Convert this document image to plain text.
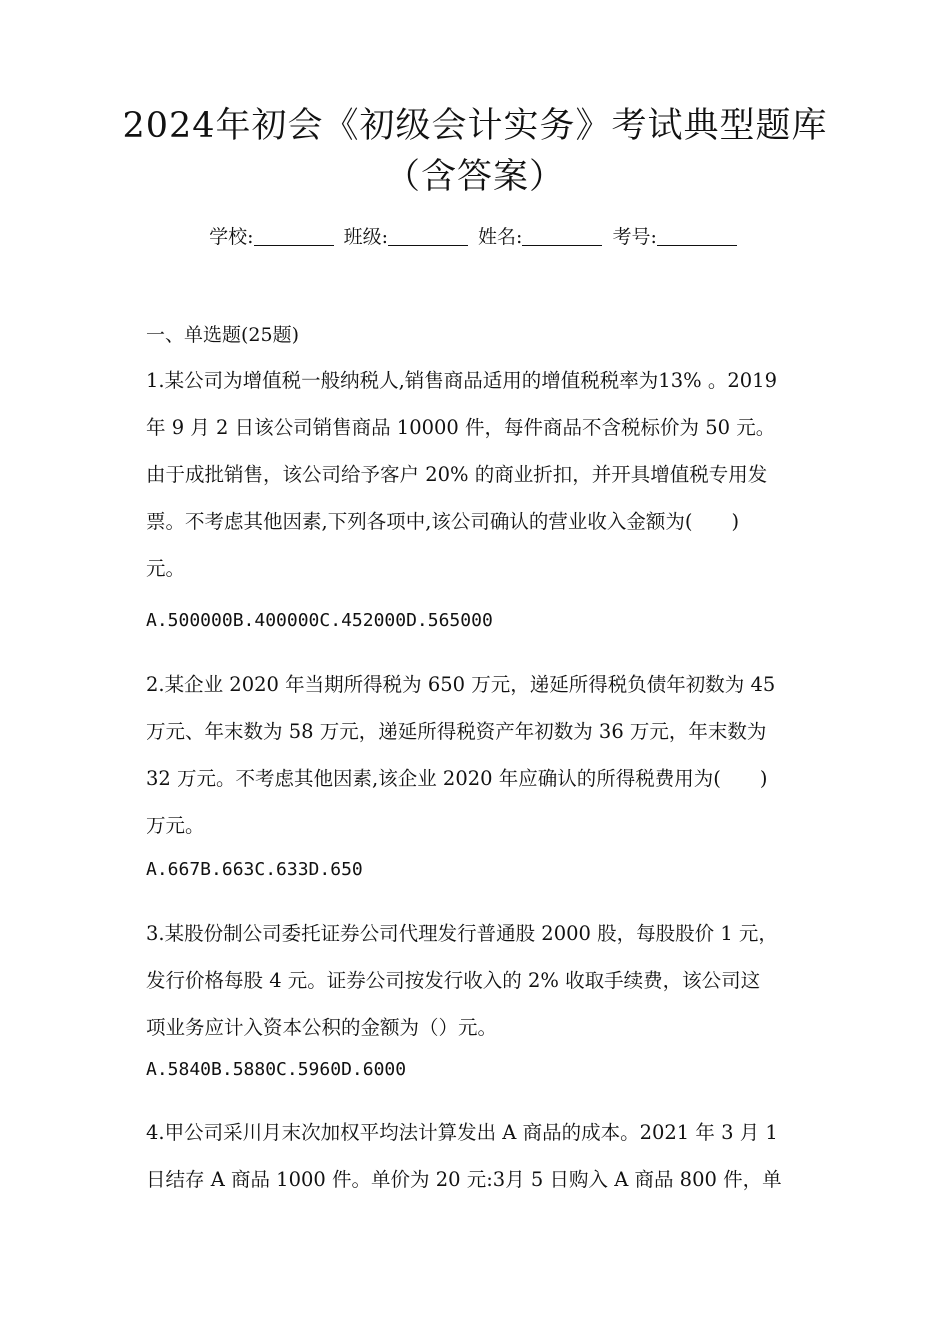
2024年初会《初级会计实务》考试典型题库
（含答案）
学校:	班级:	姓名:	考号:
一、单选题(25题)
1.某公司为增值税一般纳税人,销售商品适用的增值税税率为13% 。2019
年 9 月 2 日该公司销售商品 10000 件，每件商品不含税标价为 50 元。
由于成批销售，该公司给予客户 20% 的商业折扣，并开具增值税专用发
票。不考虑其他因素,下列各项中,该公司确认的营业收入金额为(　　)
元。
A.500000B.400000C.452000D.565000
2.某企业 2020 年当期所得税为 650 万元，递延所得税负债年初数为 45
万元、年末数为 58 万元，递延所得税资产年初数为 36 万元，年末数为
32 万元。不考虑其他因素,该企业 2020 年应确认的所得税费用为(　　)
万元。
A.667B.663C.633D.650
3.某股份制公司委托证券公司代理发行普通股 2000 股，每股股价 1 元，
发行价格每股 4 元。证券公司按发行收入的 2% 收取手续费，该公司这
项业务应计入资本公积的金额为（）元。
A.5840B.5880C.5960D.6000
4.甲公司采川月末次加权平均法计算发出 A 商品的成本。2021 年 3 月 1
日结存 A 商品 1000 件。单价为 20 元:3月 5 日购入 A 商品 800 件，单
